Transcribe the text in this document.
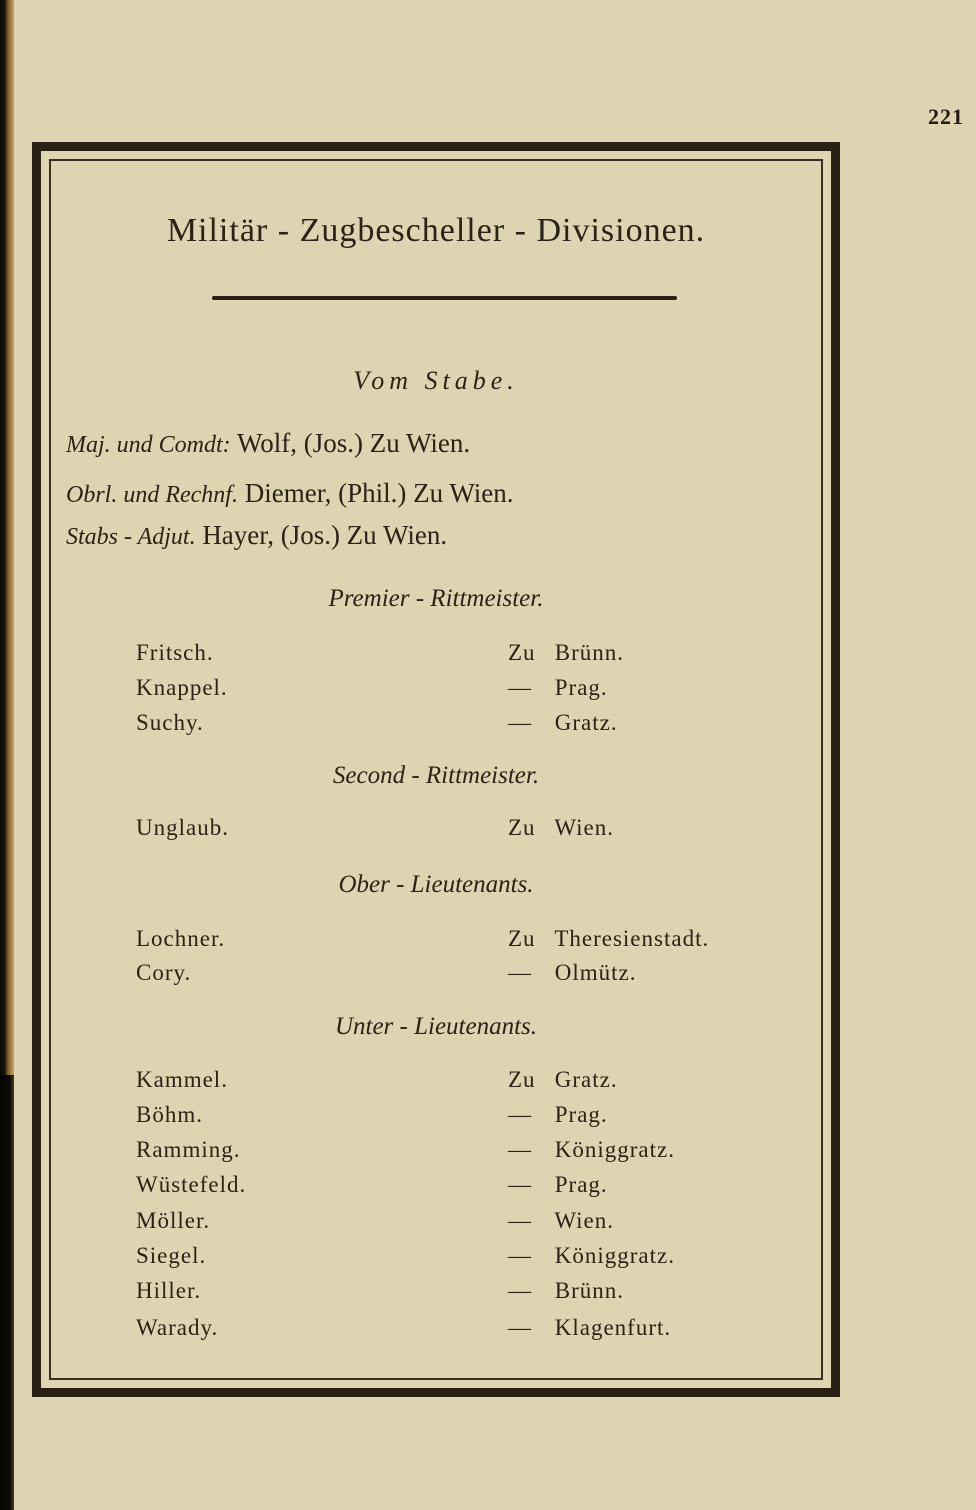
221
Militär - Zugbescheller - Divisionen.
Vom Stabe.
Maj. und Comdt: Wolf, (Jos.) Zu Wien.
Obrl. und Rechnf. Diemer, (Phil.) Zu Wien.
Stabs - Adjut. Hayer, (Jos.) Zu Wien.
Premier - Rittmeister.
Fritsch.	Zu Brünn.
Knappel.	— Prag.
Suchy.	— Gratz.
Second - Rittmeister.
Unglaub.	Zu Wien.
Ober - Lieutenants.
Lochner.	Zu Theresienstadt.
Cory.	— Olmütz.
Unter - Lieutenants.
Kammel.	Zu Gratz.
Böhm.	— Prag.
Ramming.	— Königgratz.
Wüstefeld.	— Prag.
Möller.	— Wien.
Siegel.	— Königgratz.
Hiller.	— Brünn.
Warady.	— Klagenfurt.
